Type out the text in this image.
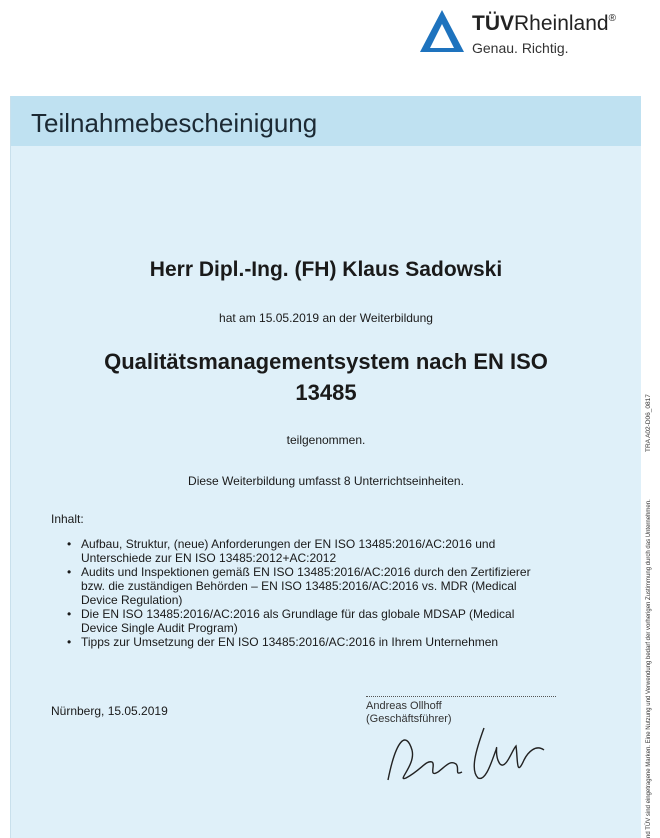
TÜVRheinland®
Genau. Richtig.
Teilnahmebescheinigung
Herr Dipl.-Ing. (FH) Klaus Sadowski
hat am 15.05.2019 an der Weiterbildung
Qualitätsmanagementsystem nach EN ISO 13485
teilgenommen.
Diese Weiterbildung umfasst 8 Unterrichtseinheiten.
Inhalt:
• Aufbau, Struktur, (neue) Anforderungen der EN ISO 13485:2016/AC:2016 und Unterschiede zur EN ISO 13485:2012+AC:2012
• Audits und Inspektionen gemäß EN ISO 13485:2016/AC:2016 durch den Zertifizierer bzw. die zuständigen Behörden – EN ISO 13485:2016/AC:2016 vs. MDR (Medical Device Regulation)
• Die EN ISO 13485:2016/AC:2016 als Grundlage für das globale MDSAP (Medical Device Single Audit Program)
• Tipps zur Umsetzung der EN ISO 13485:2016/AC:2016 in Ihrem Unternehmen
Nürnberg, 15.05.2019	Andreas Ollhoff
(Geschäftsführer)
TRA A02-D06_0817
nd TÜV sind eingetragene Marken. Eine Nutzung und Verwendung bedarf der vorherigen Zustimmung durch das Unternehmen.
